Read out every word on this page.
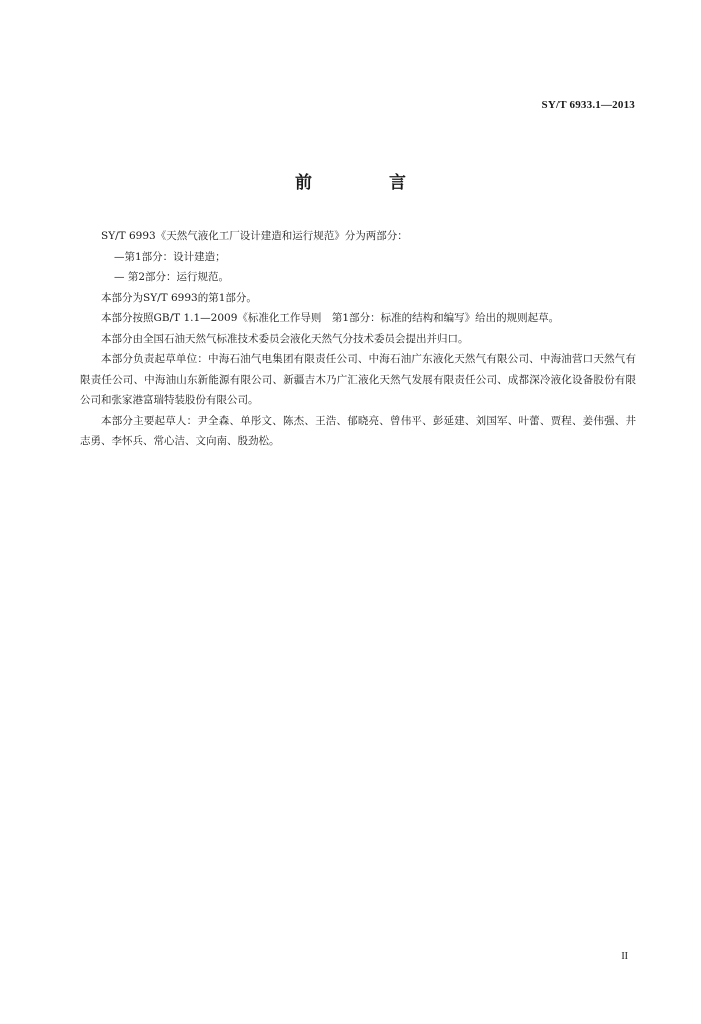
SY/T 6933.1—2013
前　言

SY/T 6993《天然气液化工厂设计建造和运行规范》分为两部分：

—第1部分：设计建造；

— 第2部分：运行规范。

本部分为SY/T 6993的第1部分。

本部分按照GB/T 1.1—2009《标准化工作导则　第1部分：标准的结构和编写》给出的规则起草。

本部分由全国石油天然气标准技术委员会液化天然气分技术委员会提出并归口。

本部分负责起草单位：中海石油气电集团有限责任公司、中海石油广东液化天然气有限公司、中海油营口天然气有限责任公司、中海油山东新能源有限公司、新疆吉木乃广汇液化天然气发展有限责任公司、成都深冷液化设备股份有限公司和张家港富瑞特装股份有限公司。

本部分主要起草人：尹全森、单彤文、陈杰、王浩、郁晓亮、曾伟平、彭延建、刘国军、叶蕾、贾程、姜伟强、井志勇、李怀兵、常心洁、文向南、殷劲松。

II
